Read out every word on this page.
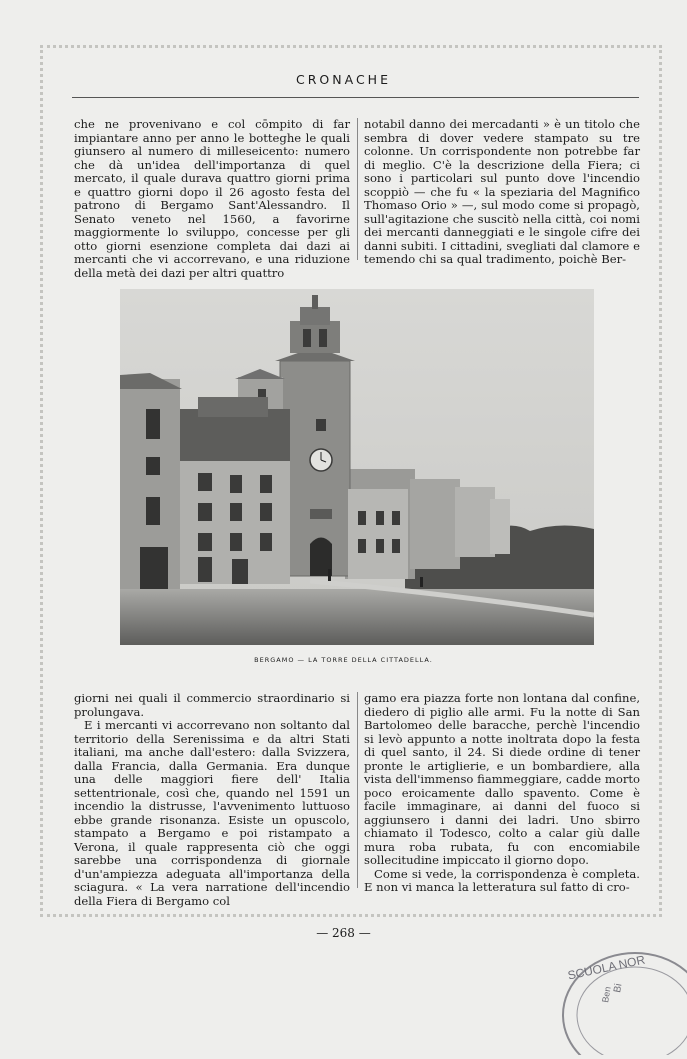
CRONACHE

che ne provenivano e col cōmpito di far impiantare anno per anno le botteghe le quali giunsero al numero di milleseicento: numero che dà un'idea dell'importanza di quel mercato, il quale durava quattro giorni prima e quattro giorni dopo il 26 agosto festa del patrono di Bergamo Sant'Alessandro. Il Senato veneto nel 1560, a favorirne maggiormente lo sviluppo, concesse per gli otto giorni esenzione completa dai dazi ai mercanti che vi accorrevano, e una riduzione della metà dei dazi per altri quattro

notabil danno dei mercadanti » è un titolo che sembra di dover vedere stampato su tre colonne. Un corrispondente non potrebbe far di meglio. C'è la descrizione della Fiera; ci sono i particolari sul punto dove l'incendio scoppiò — che fu « la speziaria del Magnifico Thomaso Orio » —, sul modo come si propagò, sull'agitazione che suscitò nella città, coi nomi dei mercanti danneggiati e le singole cifre dei danni subiti. I cittadini, svegliati dal clamore e temendo chi sa qual tradimento, poichè Ber-

BERGAMO — LA TORRE DELLA CITTADELLA.

giorni nei quali il commercio straordinario si prolungava.

E i mercanti vi accorrevano non soltanto dal territorio della Serenissima e da altri Stati italiani, ma anche dall'estero: dalla Svizzera, dalla Francia, dalla Germania. Era dunque una delle maggiori fiere dell' Italia settentrionale, così che, quando nel 1591 un incendio la distrusse, l'avvenimento luttuoso ebbe grande risonanza. Esiste un opuscolo, stampato a Bergamo e poi ristampato a Verona, il quale rappresenta ciò che oggi sarebbe una corrispondenza di giornale d'un'ampiezza adeguata all'importanza della sciagura. « La vera narratione dell'incendio della Fiera di Bergamo col

gamo era piazza forte non lontana dal confine, diedero di piglio alle armi. Fu la notte di San Bartolomeo delle baracche, perchè l'incendio si levò appunto a notte inoltrata dopo la festa di quel santo, il 24. Si diede ordine di tener pronte le artiglierie, e un bombardiere, alla vista dell'immenso fiammeggiare, cadde morto poco eroicamente dallo spavento. Come è facile immaginare, ai danni del fuoco si aggiunsero i danni dei ladri. Uno sbirro chiamato il Todesco, colto a calar giù dalle mura roba rubata, fu con encomiabile sollecitudine impiccato il giorno dopo.

Come si vede, la corrispondenza è completa. E non vi manca la letteratura sul fatto di cro-

— 268 —
SCUOLA NOR
Bi
Ben
